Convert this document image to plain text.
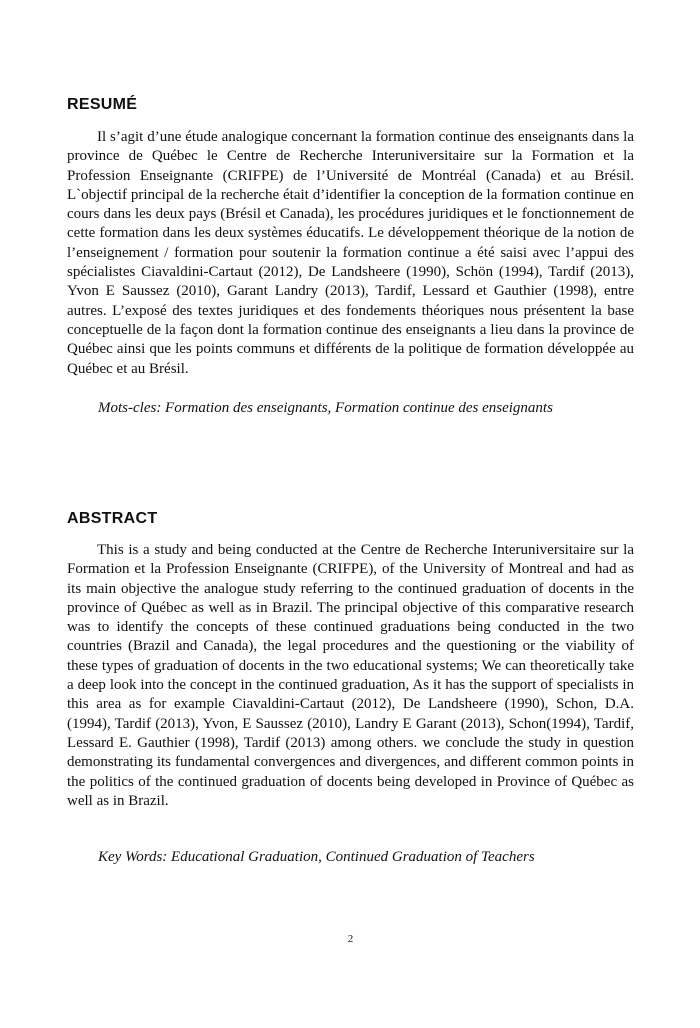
RESUMÉ

Il s’agit d’une étude analogique concernant la formation continue des enseignants dans la province de Québec le Centre de Recherche Interuniversitaire sur la Formation et la Profession Enseignante (CRIFPE) de l’Université de Montréal (Canada) et au Brésil. L`objectif principal de la recherche était d’identifier la conception de la formation continue en cours dans les deux pays (Brésil et Canada), les procédures juridiques et le fonctionnement de cette formation dans les deux systèmes éducatifs. Le développement théorique de la notion de l’enseignement / formation pour soutenir la formation continue a été saisi avec l’appui des spécialistes Ciavaldini-Cartaut (2012), De Landsheere (1990), Schön (1994), Tardif (2013), Yvon E Saussez (2010), Garant Landry (2013), Tardif, Lessard et Gauthier (1998), entre autres. L’exposé des textes juridiques et des fondements théoriques nous présentent la base conceptuelle de la façon dont la formation continue des enseignants a lieu dans la province de Québec ainsi que les points communs et différents de la politique de formation développée au Québec et au Brésil.

Mots-cles: Formation des enseignants, Formation continue des enseignants

ABSTRACT

This is a study and being conducted at the Centre de Recherche Interuniversitaire sur la Formation et la Profession Enseignante (CRIFPE), of the University of Montreal and had as its main objective the analogue study referring to the continued graduation of docents in the province of Québec as well as in Brazil. The principal objective of this comparative research was to identify the concepts of these continued graduations being conducted in the two countries (Brazil and Canada), the legal procedures and the questioning or the viability of these types of graduation of docents in the two educational systems; We can theoretically take a deep look into the concept in the continued graduation, As it has the support of specialists in this area as for example Ciavaldini-Cartaut (2012), De Landsheere (1990), Schon, D.A. (1994), Tardif (2013), Yvon, E Saussez (2010), Landry E Garant (2013), Schon(1994), Tardif, Lessard E. Gauthier (1998), Tardif (2013) among others. we conclude the study in question demonstrating its fundamental convergences and divergences, and different common points in the politics of the continued graduation of docents being developed in Province of Québec as well as in Brazil.

Key Words: Educational Graduation, Continued Graduation of Teachers

2
